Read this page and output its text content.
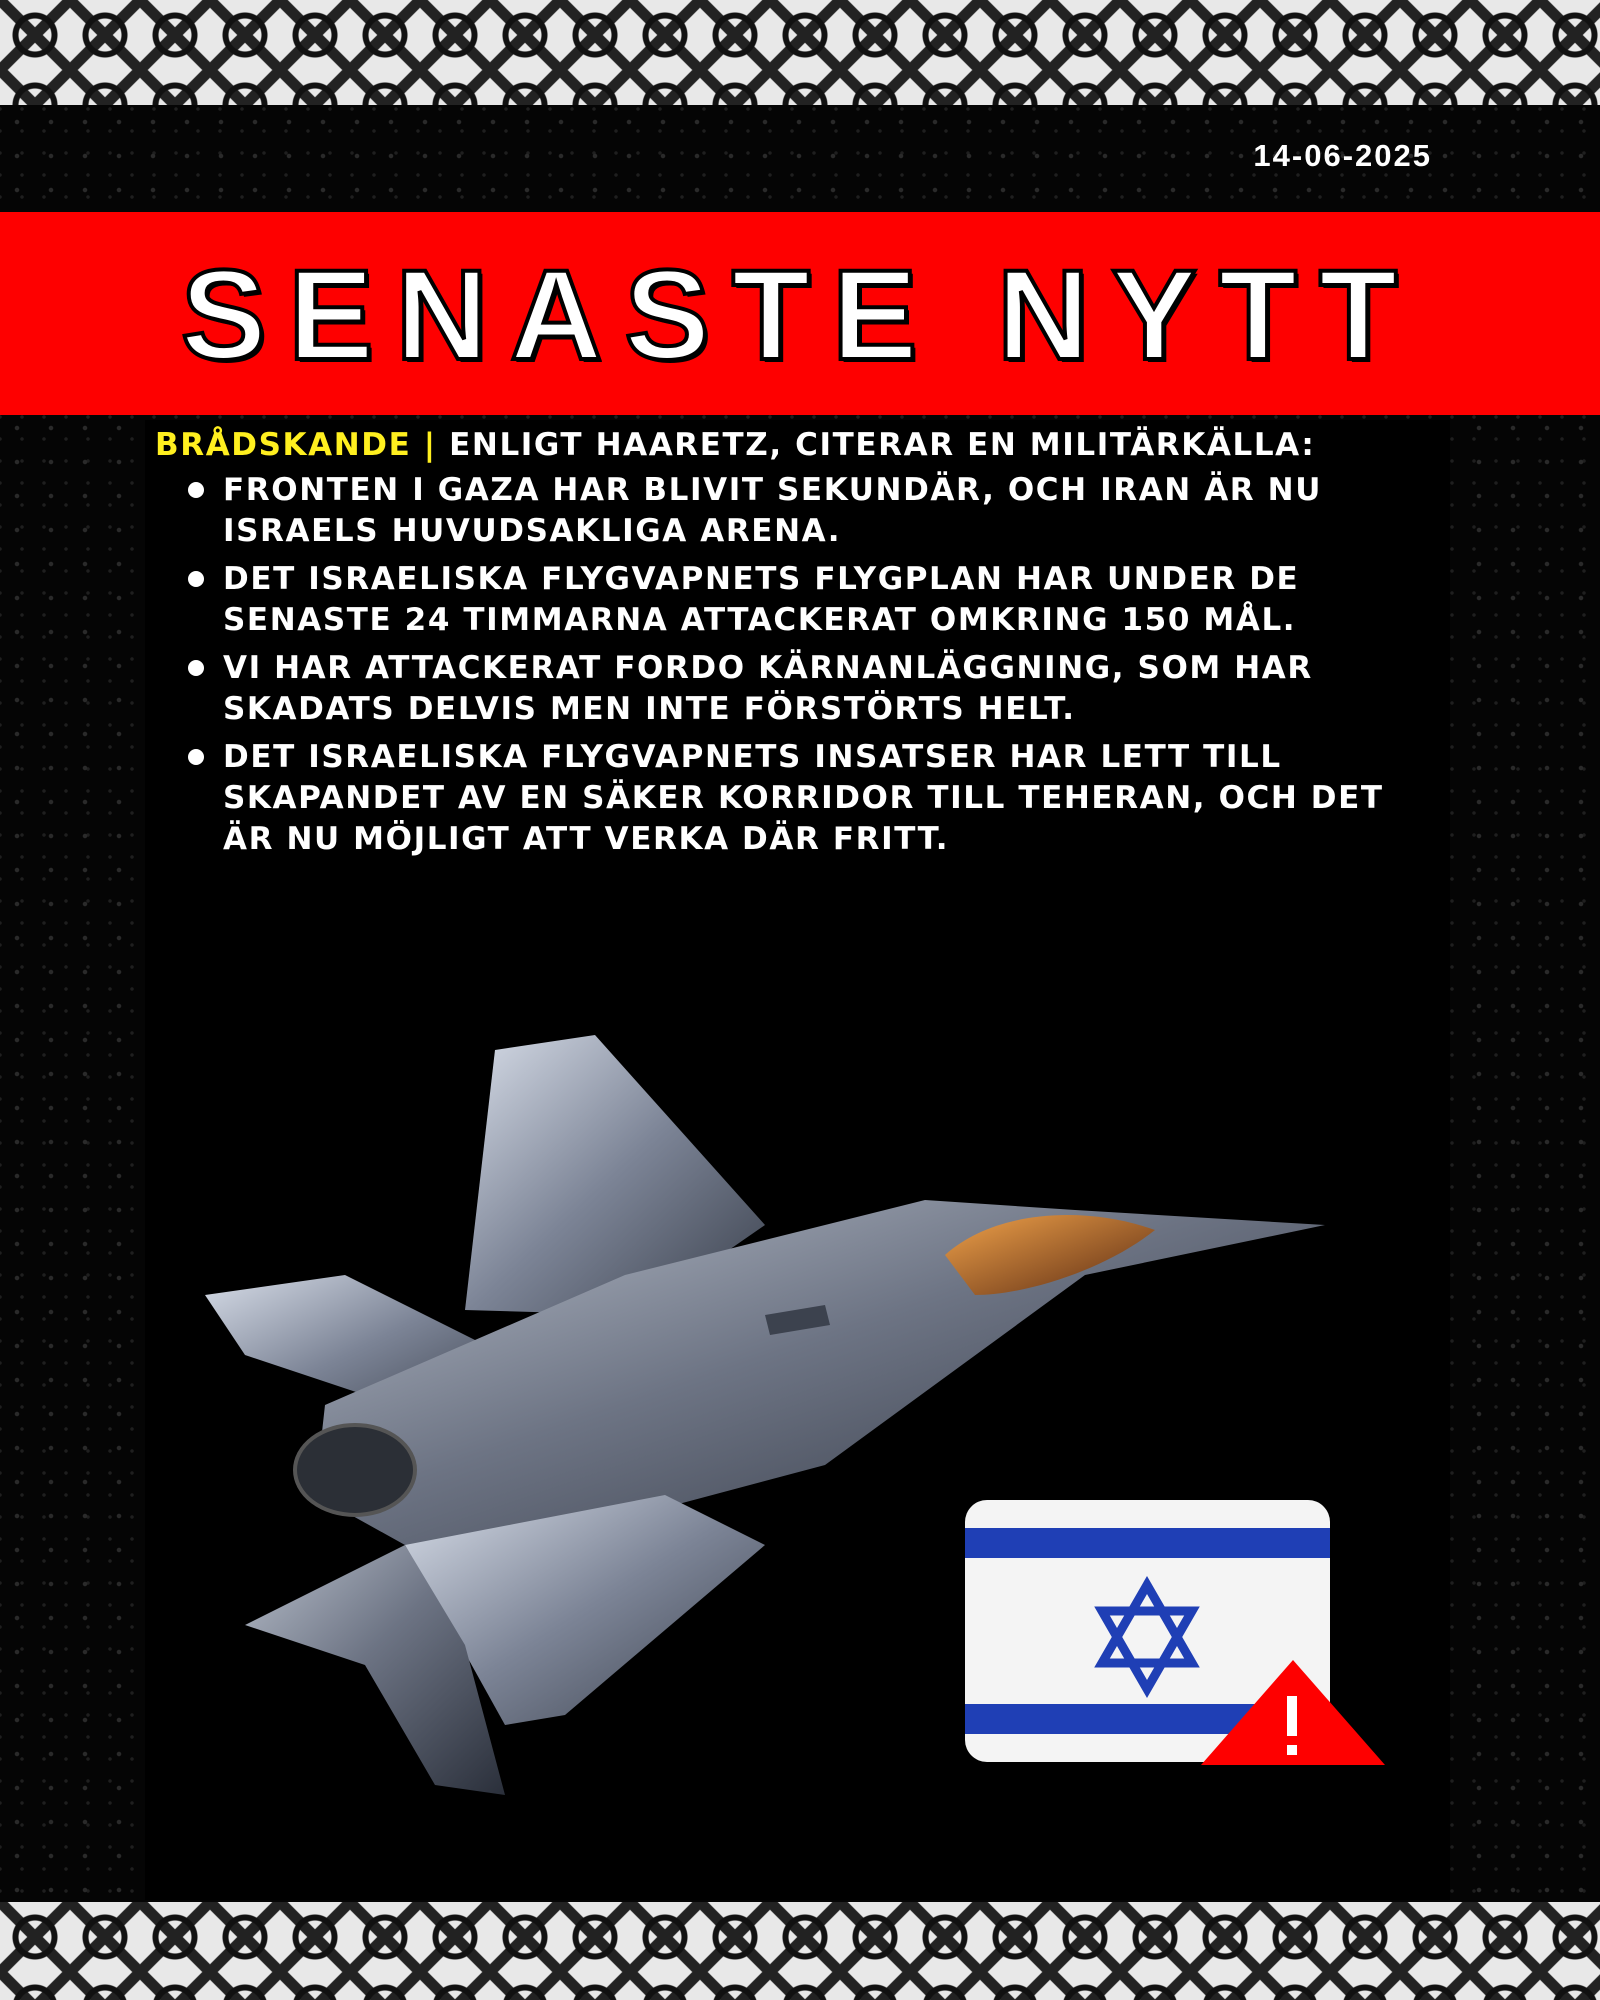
14-06-2025
SENASTE NYTT
BRÅDSKANDE | ENLIGT HAARETZ, CITERAR EN MILITÄRKÄLLA:
FRONTEN I GAZA HAR BLIVIT SEKUNDÄR, OCH IRAN ÄR NU ISRAELS HUVUDSAKLIGA ARENA.
DET ISRAELISKA FLYGVAPNETS FLYGPLAN HAR UNDER DE SENASTE 24 TIMMARNA ATTACKERAT OMKRING 150 MÅL.
VI HAR ATTACKERAT FORDO KÄRNANLÄGGNING, SOM HAR SKADATS DELVIS MEN INTE FÖRSTÖRTS HELT.
DET ISRAELISKA FLYGVAPNETS INSATSER HAR LETT TILL SKAPANDET AV EN SÄKER KORRIDOR TILL TEHERAN, OCH DET ÄR NU MÖJLIGT ATT VERKA DÄR FRITT.
